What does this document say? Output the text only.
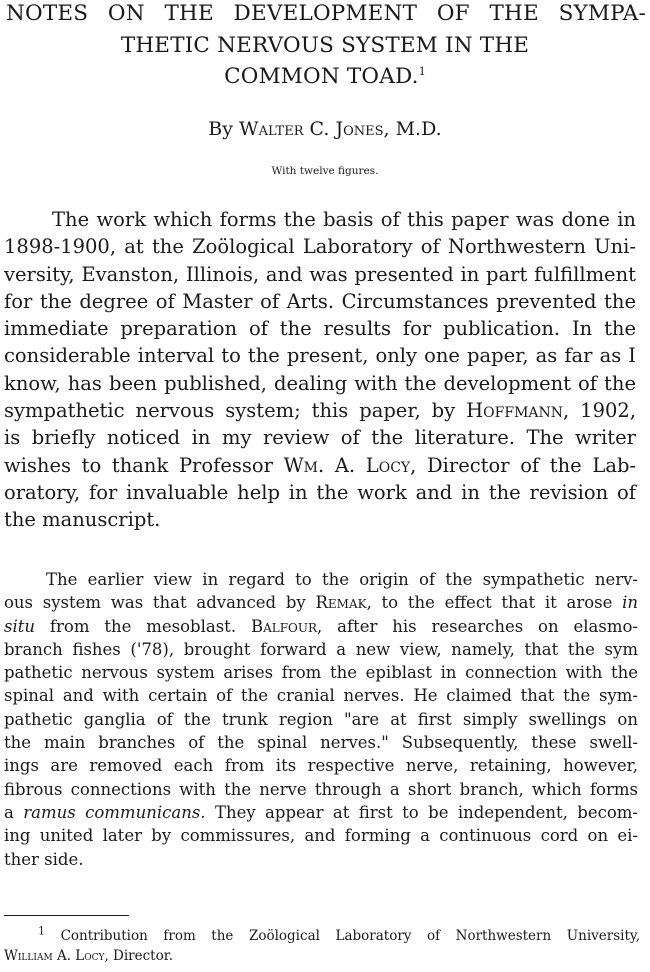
NOTES ON THE DEVELOPMENT OF THE SYMPA-
THETIC NERVOUS SYSTEM IN THE
COMMON TOAD.$^1$
By Walter C. Jones, M.D.
With twelve figures.
The work which forms the basis of this paper was done in
1898-1900, at the Zoölogical Laboratory of Northwestern Uni-
versity, Evanston, Illinois, and was presented in part fulfillment
for the degree of Master of Arts. Circumstances prevented the
immediate preparation of the results for publication. In the
considerable interval to the present, only one paper, as far as I
know, has been published, dealing with the development of the
sympathetic nervous system; this paper, by Hoffmann, 1902,
is briefly noticed in my review of the literature. The writer
wishes to thank Professor Wm. A. Locy, Director of the Lab-
oratory, for invaluable help in the work and in the revision of
the manuscript.
The earlier view in regard to the origin of the sympathetic nerv-
ous system was that advanced by Remak, to the effect that it arose in
situ from the mesoblast. Balfour, after his researches on elasmo-
branch fishes ('78), brought forward a new view, namely, that the sym
pathetic nervous system arises from the epiblast in connection with the
spinal and with certain of the cranial nerves. He claimed that the sym-
pathetic ganglia of the trunk region "are at first simply swellings on
the main branches of the spinal nerves." Subsequently, these swell-
ings are removed each from its respective nerve, retaining, however,
fibrous connections with the nerve through a short branch, which forms
a ramus communicans. They appear at first to be independent, becom-
ing united later by commissures, and forming a continuous cord on ei-
ther side.
$^1$ Contribution from the Zoölogical Laboratory of Northwestern University,
William A. Locy, Director.
